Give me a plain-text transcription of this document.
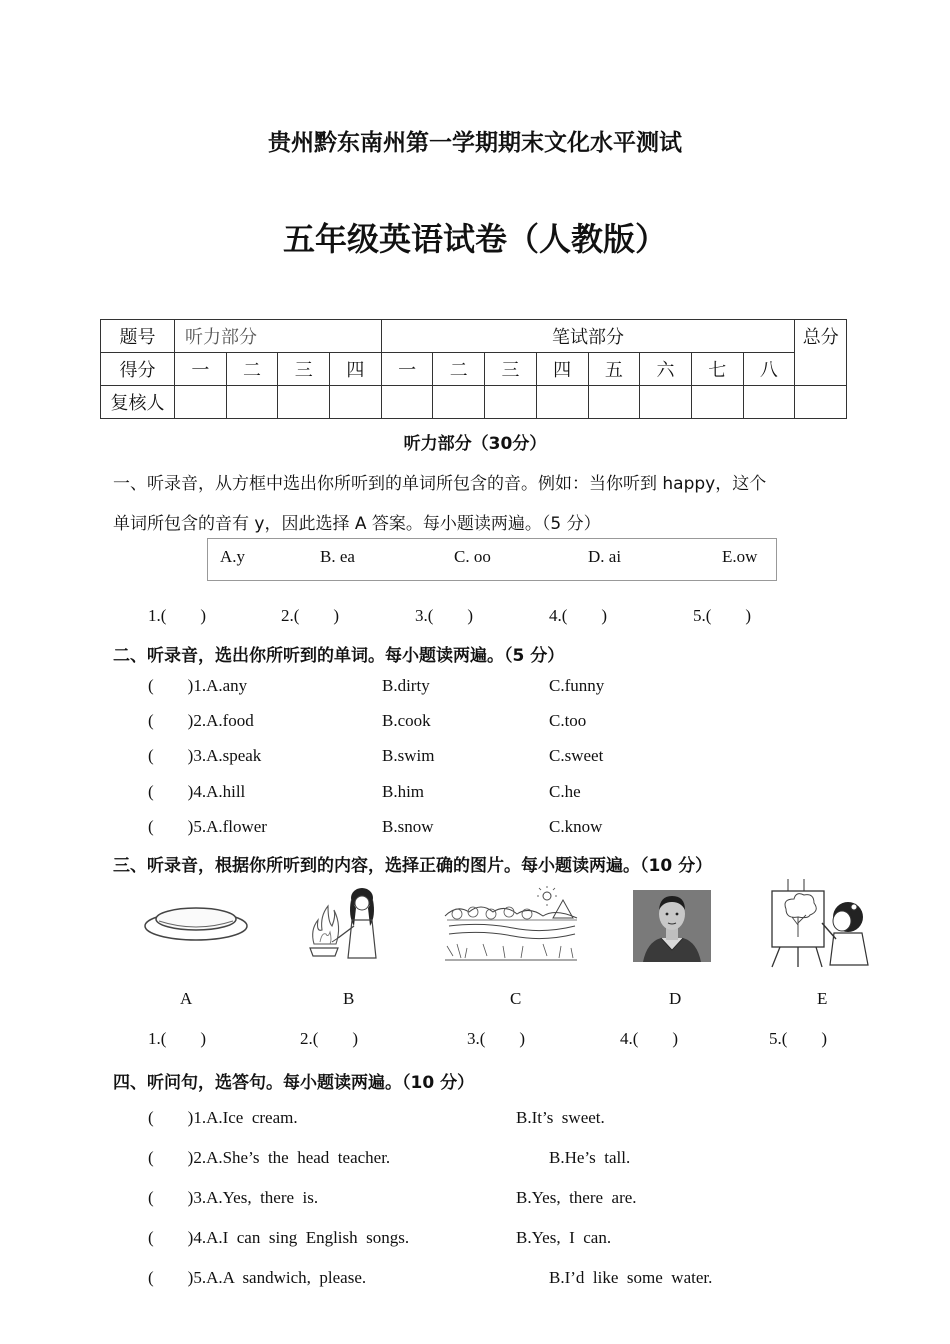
贵州黔东南州第一学期期末文化水平测试
五年级英语试卷（人教版）
题号	听力部分				笔试部分								总分
得分	一	二	三	四	一	二	三	四	五	六	七	八	
复核人													
听力部分（30分）
一、听录音，从方框中选出你所听到的单词所包含的音。例如：当你听到 happy，这个
单词所包含的音有 y，因此选择 A 答案。每小题读两遍。（5 分）
A.y	B. ea	C. oo	D. ai	E.ow
1.(        )	2.(        )	3.(        )	4.(        )	5.(        )
二、听录音，选出你所听到的单词。每小题读两遍。（5 分）
(        )1.A.any	B.dirty	C.funny
(        )2.A.food	B.cook	C.too
(        )3.A.speak	B.swim	C.sweet
(        )4.A.hill	B.him	C.he
(        )5.A.flower	B.snow	C.know
三、听录音，根据你所听到的内容，选择正确的图片。每小题读两遍。（10 分）
A	B	C	D	E
1.(        )	2.(        )	3.(        )	4.(        )	5.(        )
四、听问句，选答句。每小题读两遍。（10 分）
(        )1.A.Ice  cream.	B.It’s  sweet.
(        )2.A.She’s  the  head  teacher.	B.He’s  tall.
(        )3.A.Yes,  there  is.	B.Yes,  there  are.
(        )4.A.I  can  sing  English  songs.	B.Yes,  I  can.
(        )5.A.A  sandwich,  please.	B.I’d  like  some  water.
